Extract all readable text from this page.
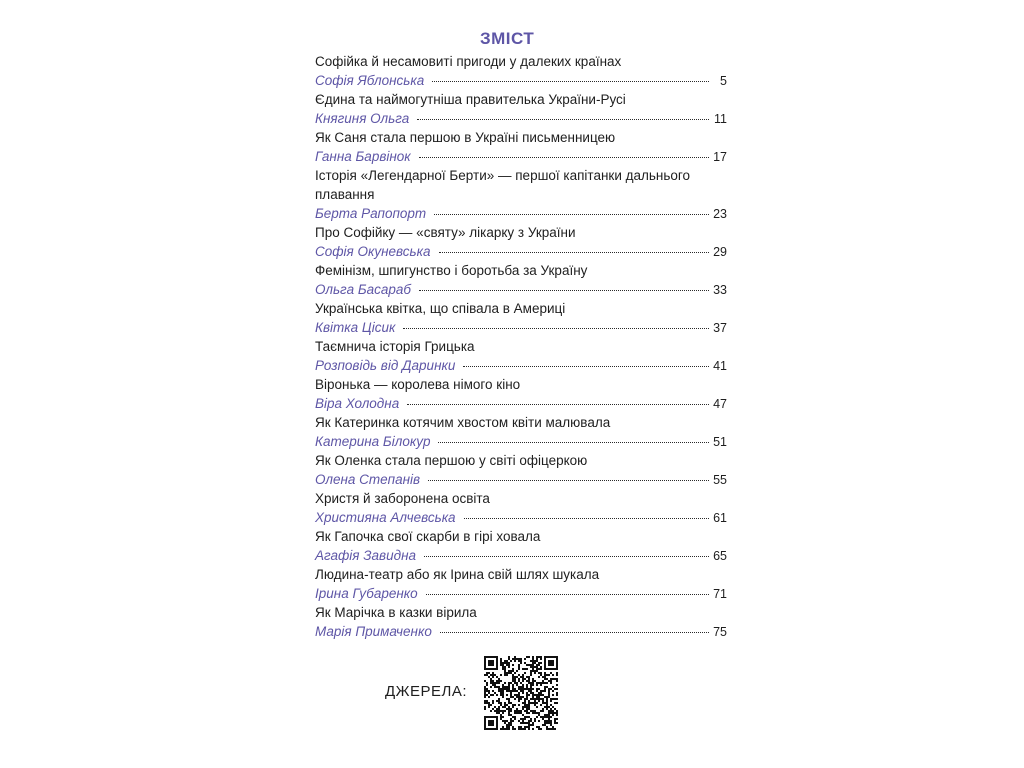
ЗМІСТ
Софійка й несамовиті пригоди у далеких країнах
Софія Яблонська	5
Єдина та наймогутніша правителька України-Русі
Княгиня Ольга	11
Як Саня стала першою в Україні письменницею
Ганна Барвінок	17
Історія «Легендарної Берти» — першої капітанки дальнього плавання
Берта Рапопорт	23
Про Софійку — «святу» лікарку з України
Софія Окуневська	29
Фемінізм, шпигунство і боротьба за Україну
Ольга Басараб	33
Українська квітка, що співала в Америці
Квітка Цісик	37
Таємнича історія Грицька
Розповідь від Даринки	41
Віронька — королева німого кіно
Віра Холодна	47
Як Катеринка котячим хвостом квіти малювала
Катерина Білокур	51
Як Оленка стала першою у світі офіцеркою
Олена Степанів	55
Христя й заборонена освіта
Християна Алчевська	61
Як Гапочка свої скарби в гірі ховала
Агафія Завидна	65
Людина-театр або як Ірина свій шлях шукала
Ірина Губаренко	71
Як Марічка в казки вірила
Марія Примаченко	75
ДЖЕРЕЛА:
